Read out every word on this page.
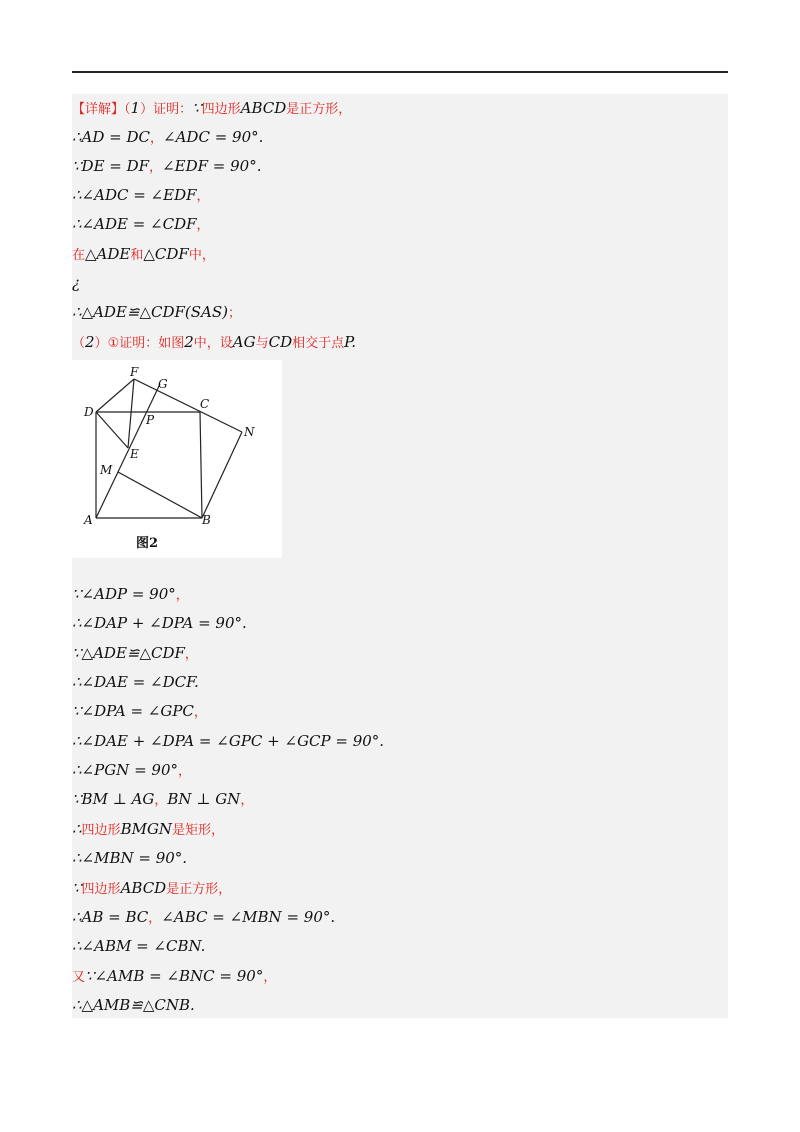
【详解】（1）证明：∵四边形ABCD是正方形，
∴AD = DC，∠ADC = 90°.
∵DE = DF，∠EDF = 90°.
∴∠ADC = ∠EDF，
∴∠ADE = ∠CDF，
在△ADE和△CDF中，
¿
∴△ADE≌△CDF(SAS)；
（2）①证明：如图2中，设AG与CD相交于点P.
∵∠ADP = 90°，
∴∠DAP + ∠DPA = 90°.
∵△ADE≌△CDF，
∴∠DAE = ∠DCF.
∵∠DPA = ∠GPC，
∴∠DAE + ∠DPA = ∠GPC + ∠GCP = 90°.
∴∠PGN = 90°，
∵BM ⊥ AG，BN ⊥ GN，
∴四边形BMGN是矩形，
∴∠MBN = 90°.
∵四边形ABCD是正方形，
∴AB = BC，∠ABC = ∠MBN = 90°.
∴∠ABM = ∠CBN.
又∵∠AMB = ∠BNC = 90°，
∴△AMB≌△CNB.
D
F
G
C
P
E
M
N
A	B
图2
